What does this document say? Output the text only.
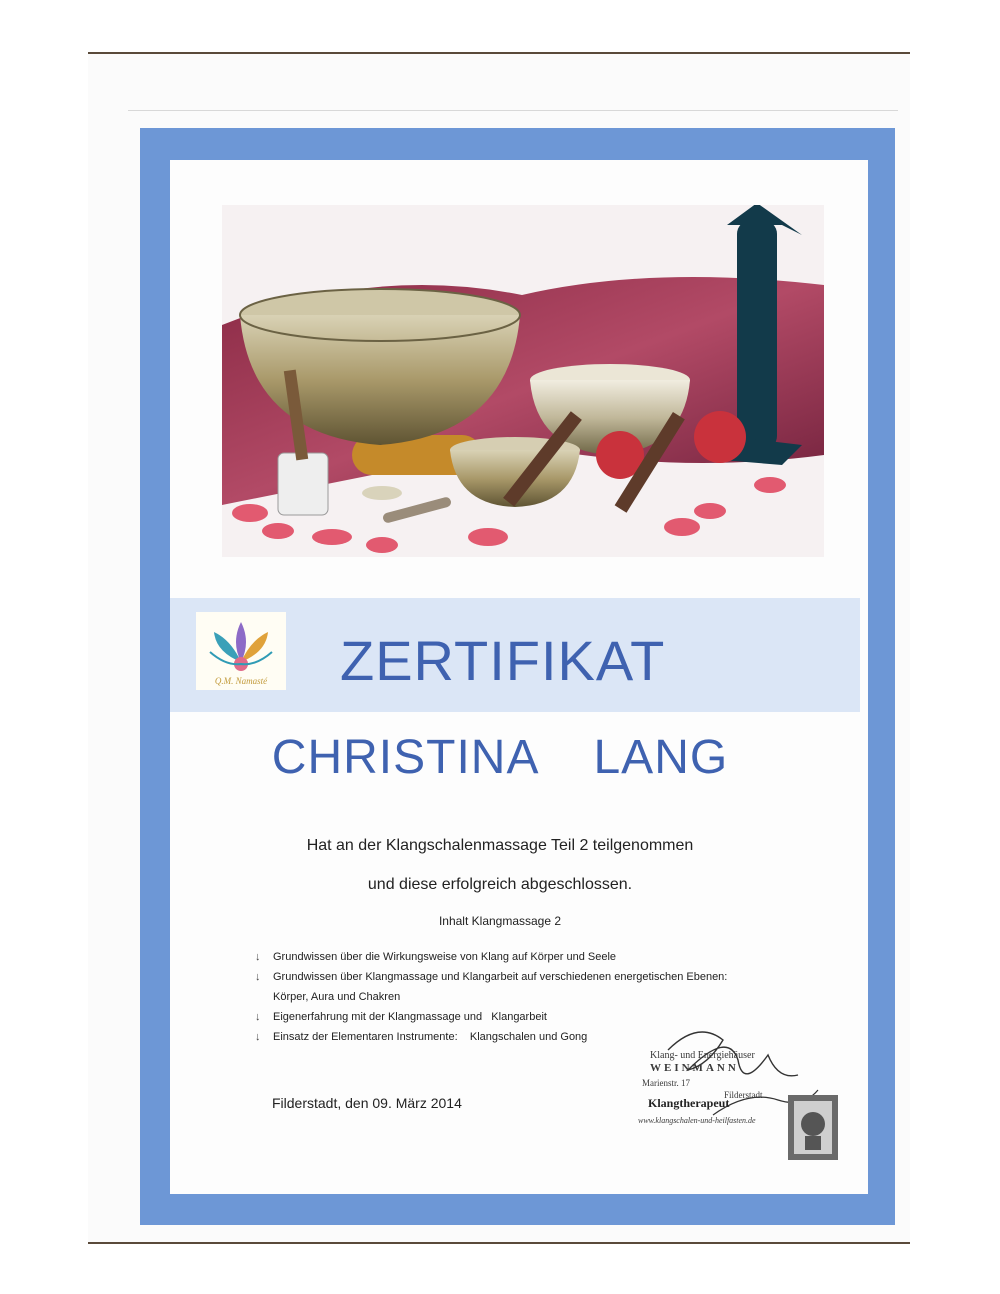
Q.M. Namasté ZERTIFIKAT
CHRISTINA  LANG
Hat an der Klangschalenmassage Teil 2 teilgenommen
und diese erfolgreich abgeschlossen.
Inhalt Klangmassage 2
↓	Grundwissen über die Wirkungsweise von Klang auf Körper und Seele
↓	Grundwissen über Klangmassage und Klangarbeit auf verschiedenen energetischen Ebenen:
Körper, Aura und Chakren
↓	Eigenerfahrung mit der Klangmassage und   Klangarbeit
↓	Einsatz der Elementaren Instrumente:    Klangschalen und Gong
Filderstadt, den 09. März 2014
Klang- und Energiehäuser
WEINMANN
Marienstr. 17
Filderstadt
Klangtherapeut
www.klangschalen-und-heilfasten.de
